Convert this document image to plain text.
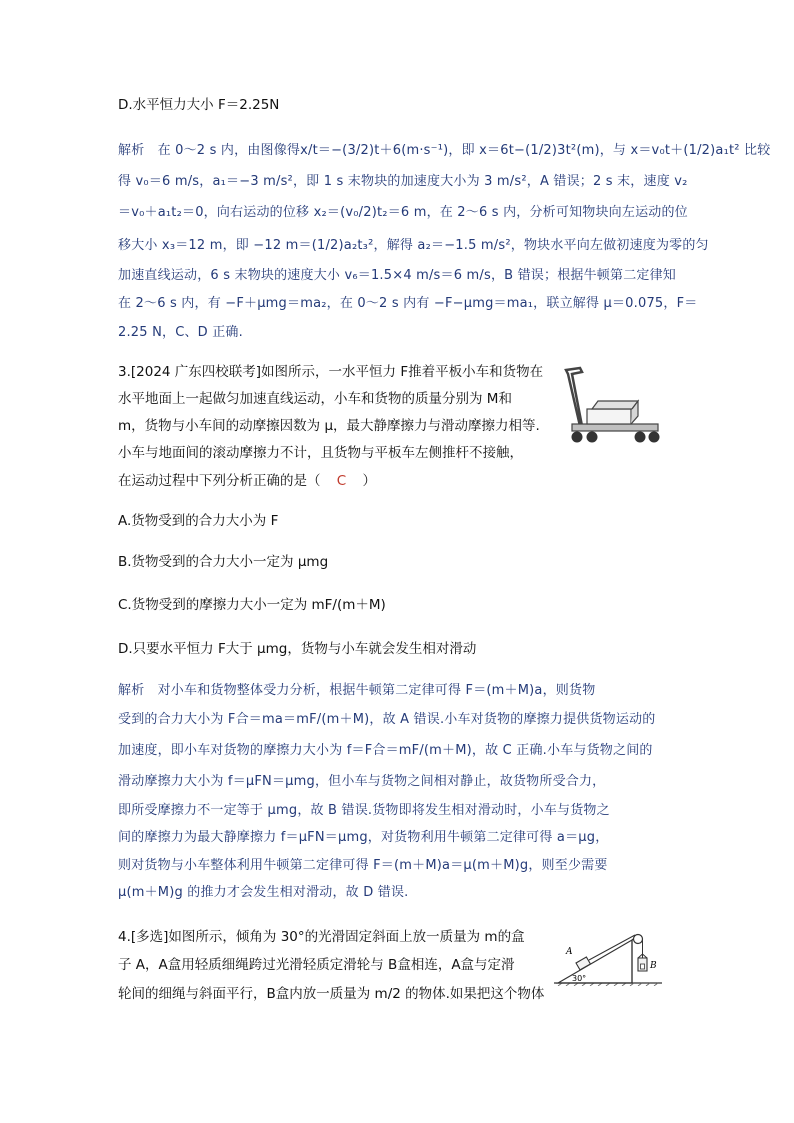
D.水平恒力大小 F＝2.25N
解析　在 0～2 s 内，由图像得x/t＝−(3/2)t＋6(m·s⁻¹)，即 x＝6t−(1/2)3t²(m)，与 x＝v₀t＋(1/2)a₁t² 比较
得 v₀＝6 m/s，a₁＝−3 m/s²，即 1 s 末物块的加速度大小为 3 m/s²，A 错误；2 s 末，速度 v₂
＝v₀＋a₁t₂＝0，向右运动的位移 x₂＝(v₀/2)t₂＝6 m，在 2～6 s 内，分析可知物块向左运动的位
移大小 x₃＝12 m，即 −12 m＝(1/2)a₂t₃²，解得 a₂＝−1.5 m/s²，物块水平向左做初速度为零的匀
加速直线运动，6 s 末物块的速度大小 v₆＝1.5×4 m/s＝6 m/s，B 错误；根据牛顿第二定律知
在 2～6 s 内，有 −F＋μmg＝ma₂，在 0～2 s 内有 −F−μmg＝ma₁，联立解得 μ＝0.075，F＝
2.25 N，C、D 正确.
3.[2024 广东四校联考]如图所示，一水平恒力 F推着平板小车和货物在
水平地面上一起做匀加速直线运动，小车和货物的质量分别为 M和
m，货物与小车间的动摩擦因数为 μ，最大静摩擦力与滑动摩擦力相等.
小车与地面间的滚动摩擦力不计，且货物与平板车左侧推杆不接触，
在运动过程中下列分析正确的是（ C ）
A.货物受到的合力大小为 F
B.货物受到的合力大小一定为 μmg
C.货物受到的摩擦力大小一定为 mF/(m＋M)
D.只要水平恒力 F大于 μmg，货物与小车就会发生相对滑动
解析　对小车和货物整体受力分析，根据牛顿第二定律可得 F＝(m＋M)a，则货物
受到的合力大小为 F合＝ma＝mF/(m＋M)，故 A 错误.小车对货物的摩擦力提供货物运动的
加速度，即小车对货物的摩擦力大小为 f＝F合＝mF/(m＋M)，故 C 正确.小车与货物之间的
滑动摩擦力大小为 f＝μFN＝μmg，但小车与货物之间相对静止，故货物所受合力，
即所受摩擦力不一定等于 μmg，故 B 错误.货物即将发生相对滑动时，小车与货物之
间的摩擦力为最大静摩擦力 f＝μFN＝μmg，对货物利用牛顿第二定律可得 a＝μg，
则对货物与小车整体利用牛顿第二定律可得 F＝(m＋M)a＝μ(m＋M)g，则至少需要
μ(m＋M)g 的推力才会发生相对滑动，故 D 错误.
4.[多选]如图所示，倾角为 30°的光滑固定斜面上放一质量为 m的盒
子 A，A盒用轻质细绳跨过光滑轻质定滑轮与 B盒相连，A盒与定滑
轮间的细绳与斜面平行，B盒内放一质量为 m/2 的物体.如果把这个物体
A
B
30°
